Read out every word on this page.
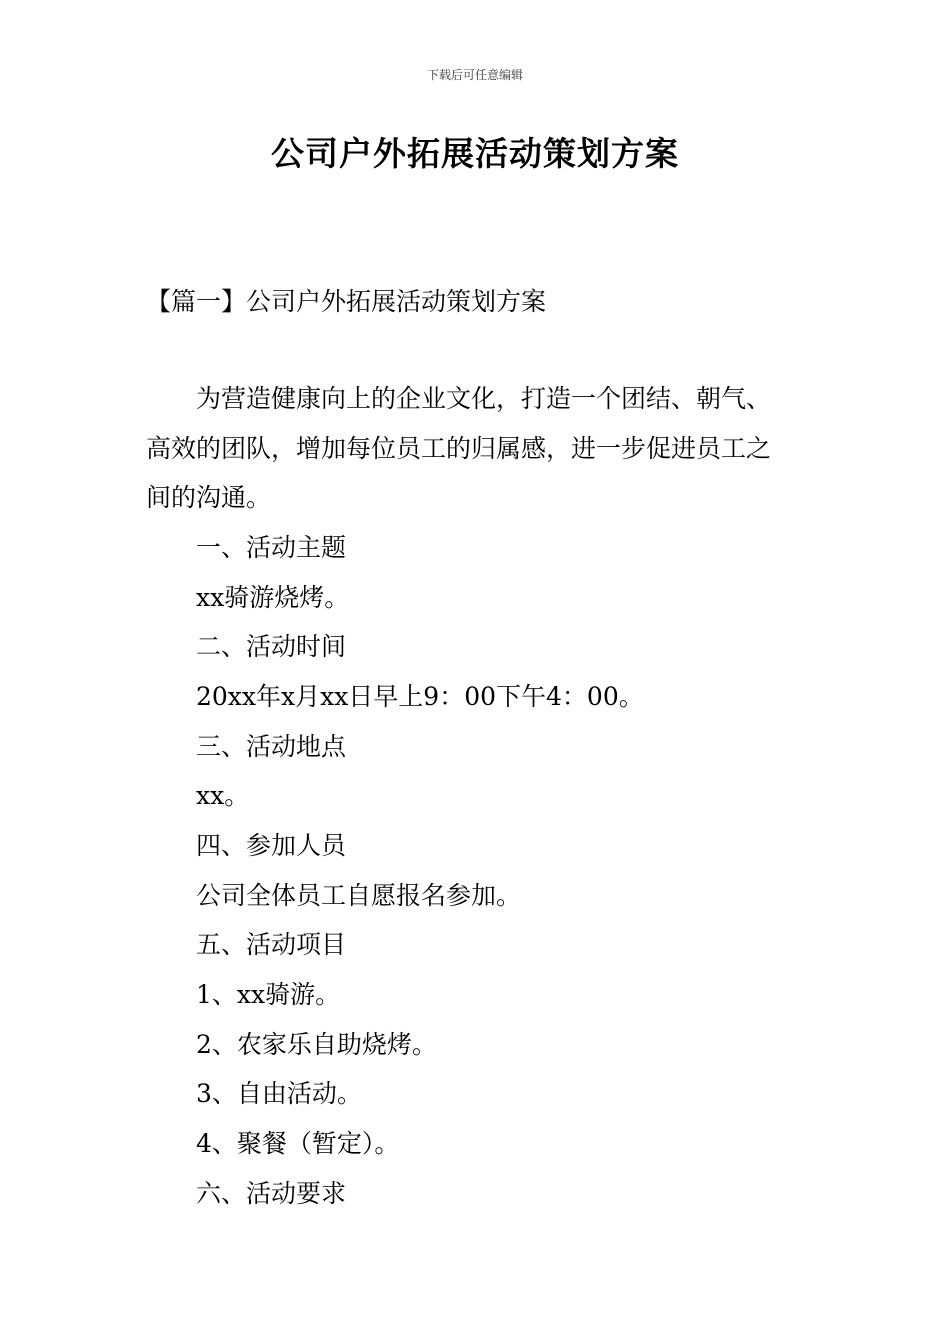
下载后可任意编辑
公司户外拓展活动策划方案
【篇一】公司户外拓展活动策划方案
为营造健康向上的企业文化，打造一个团结、朝气、
高效的团队，增加每位员工的归属感，进一步促进员工之
间的沟通。
一、活动主题
xx骑游烧烤。
二、活动时间
20xx年x月xx日早上9：00下午4：00。
三、活动地点
xx。
四、参加人员
公司全体员工自愿报名参加。
五、活动项目
1、xx骑游。
2、农家乐自助烧烤。
3、自由活动。
4、聚餐（暂定）。
六、活动要求
